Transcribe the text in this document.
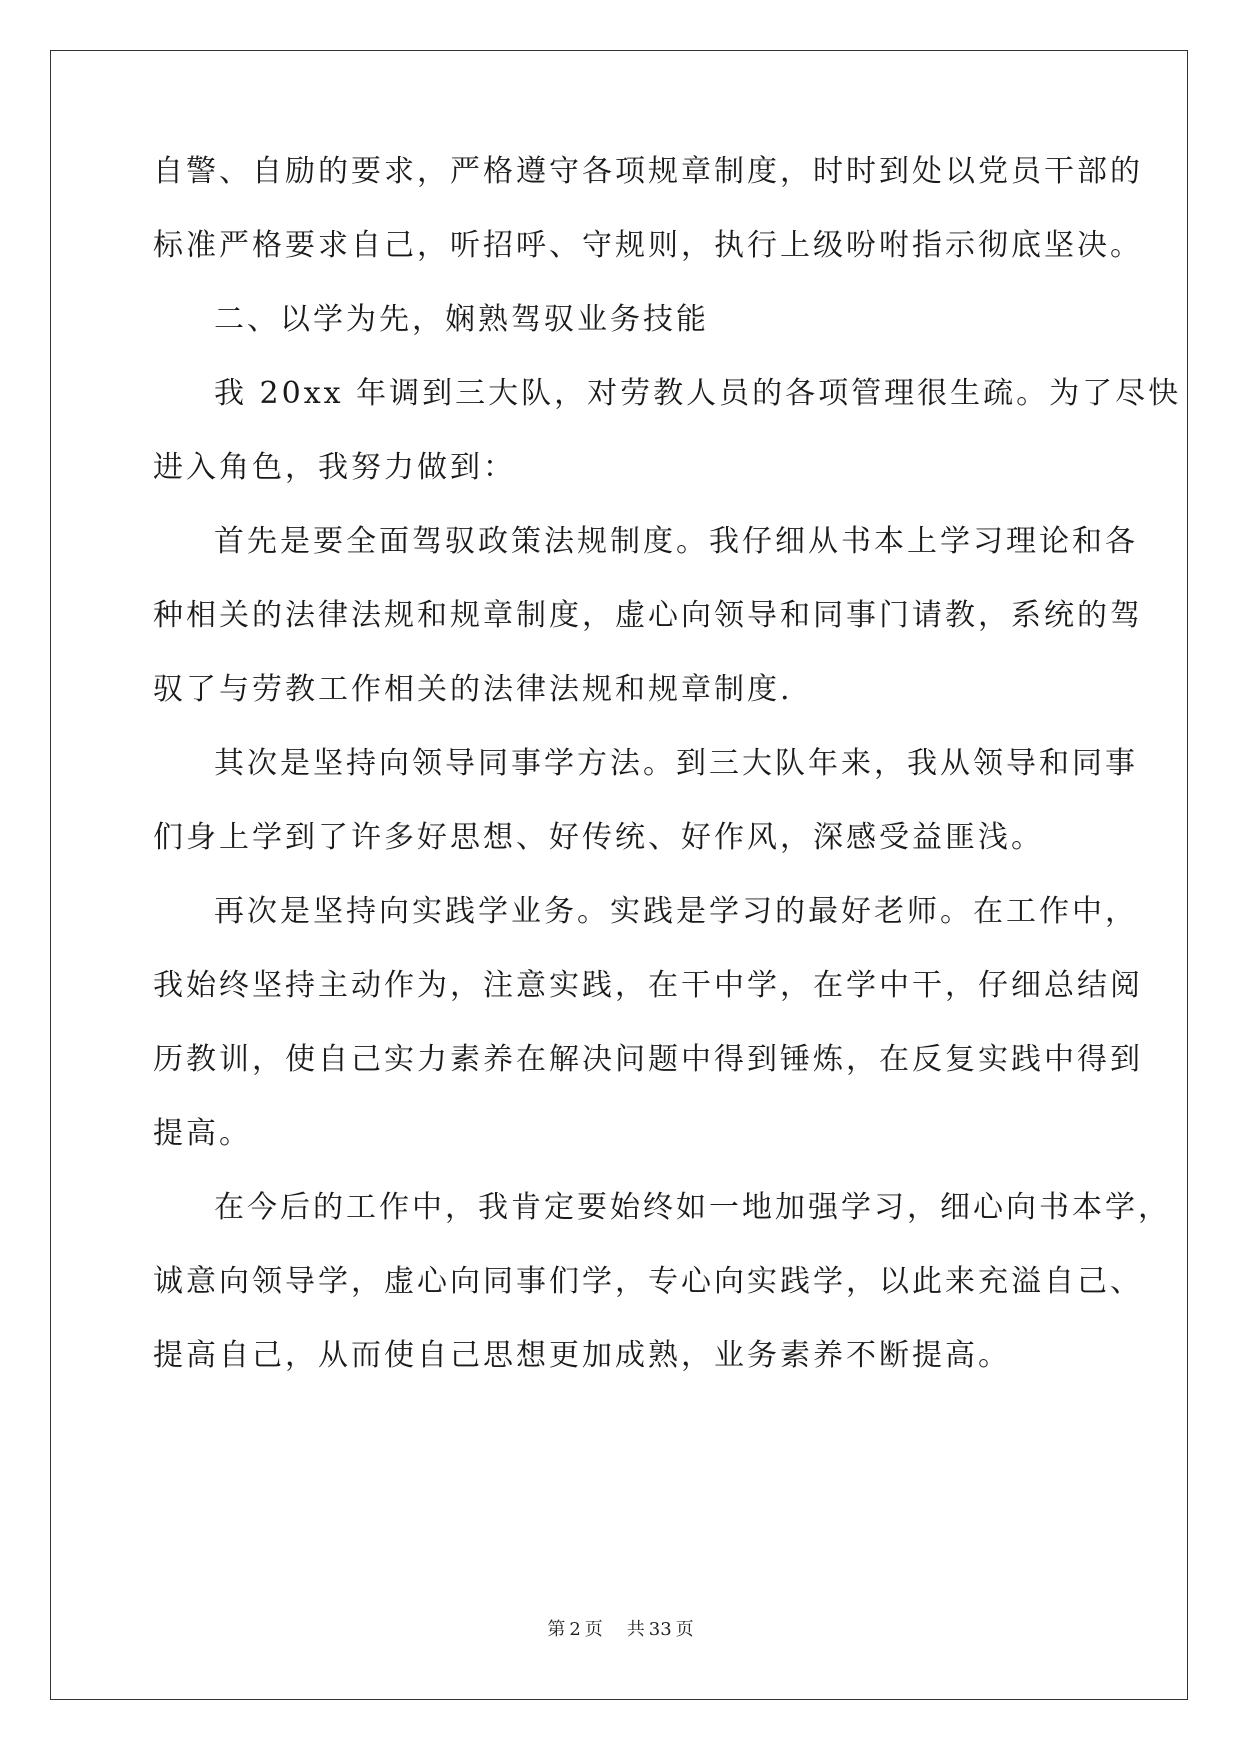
自警、自励的要求，严格遵守各项规章制度，时时到处以党员干部的
标准严格要求自己，听招呼、守规则，执行上级吩咐指示彻底坚决。
二、以学为先，娴熟驾驭业务技能
我 20xx 年调到三大队，对劳教人员的各项管理很生疏。为了尽快
进入角色，我努力做到：
首先是要全面驾驭政策法规制度。我仔细从书本上学习理论和各
种相关的法律法规和规章制度，虚心向领导和同事门请教，系统的驾
驭了与劳教工作相关的法律法规和规章制度.
其次是坚持向领导同事学方法。到三大队年来，我从领导和同事
们身上学到了许多好思想、好传统、好作风，深感受益匪浅。
再次是坚持向实践学业务。实践是学习的最好老师。在工作中，
我始终坚持主动作为，注意实践，在干中学，在学中干，仔细总结阅
历教训，使自己实力素养在解决问题中得到锤炼，在反复实践中得到
提高。
在今后的工作中，我肯定要始终如一地加强学习，细心向书本学，
诚意向领导学，虚心向同事们学，专心向实践学，以此来充溢自己、
提高自己，从而使自己思想更加成熟，业务素养不断提高。
第 2 页 共 33 页
